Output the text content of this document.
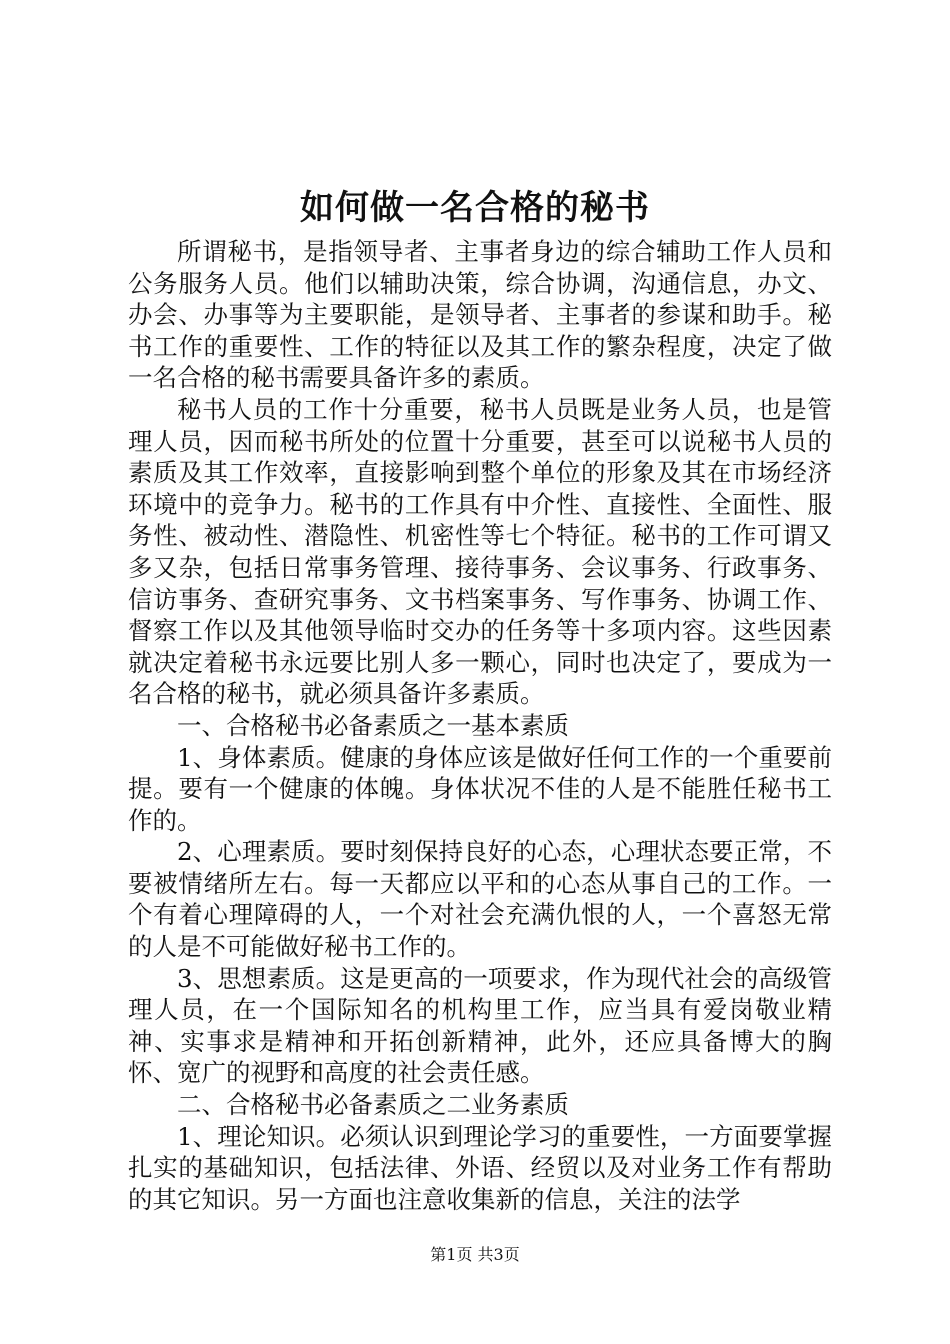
如何做一名合格的秘书

所谓秘书，是指领导者、主事者身边的综合辅助工作人员和公务服务人员。他们以辅助决策，综合协调，沟通信息，办文、办会、办事等为主要职能，是领导者、主事者的参谋和助手。秘书工作的重要性、工作的特征以及其工作的繁杂程度，决定了做一名合格的秘书需要具备许多的素质。

秘书人员的工作十分重要，秘书人员既是业务人员，也是管理人员，因而秘书所处的位置十分重要，甚至可以说秘书人员的素质及其工作效率，直接影响到整个单位的形象及其在市场经济环境中的竞争力。秘书的工作具有中介性、直接性、全面性、服务性、被动性、潜隐性、机密性等七个特征。秘书的工作可谓又多又杂，包括日常事务管理、接待事务、会议事务、行政事务、信访事务、查研究事务、文书档案事务、写作事务、协调工作、督察工作以及其他领导临时交办的任务等十多项内容。这些因素就决定着秘书永远要比别人多一颗心，同时也决定了，要成为一名合格的秘书，就必须具备许多素质。

一、合格秘书必备素质之一基本素质

1、身体素质。健康的身体应该是做好任何工作的一个重要前提。要有一个健康的体魄。身体状况不佳的人是不能胜任秘书工作的。

2、心理素质。要时刻保持良好的心态，心理状态要正常，不要被情绪所左右。每一天都应以平和的心态从事自己的工作。一个有着心理障碍的人，一个对社会充满仇恨的人，一个喜怒无常的人是不可能做好秘书工作的。

3、思想素质。这是更高的一项要求，作为现代社会的高级管理人员，在一个国际知名的机构里工作，应当具有爱岗敬业精神、实事求是精神和开拓创新精神，此外，还应具备博大的胸怀、宽广的视野和高度的社会责任感。

二、合格秘书必备素质之二业务素质

1、理论知识。必须认识到理论学习的重要性，一方面要掌握扎实的基础知识，包括法律、外语、经贸以及对业务工作有帮助的其它知识。另一方面也注意收集新的信息，关注的法学

第1页 共3页
